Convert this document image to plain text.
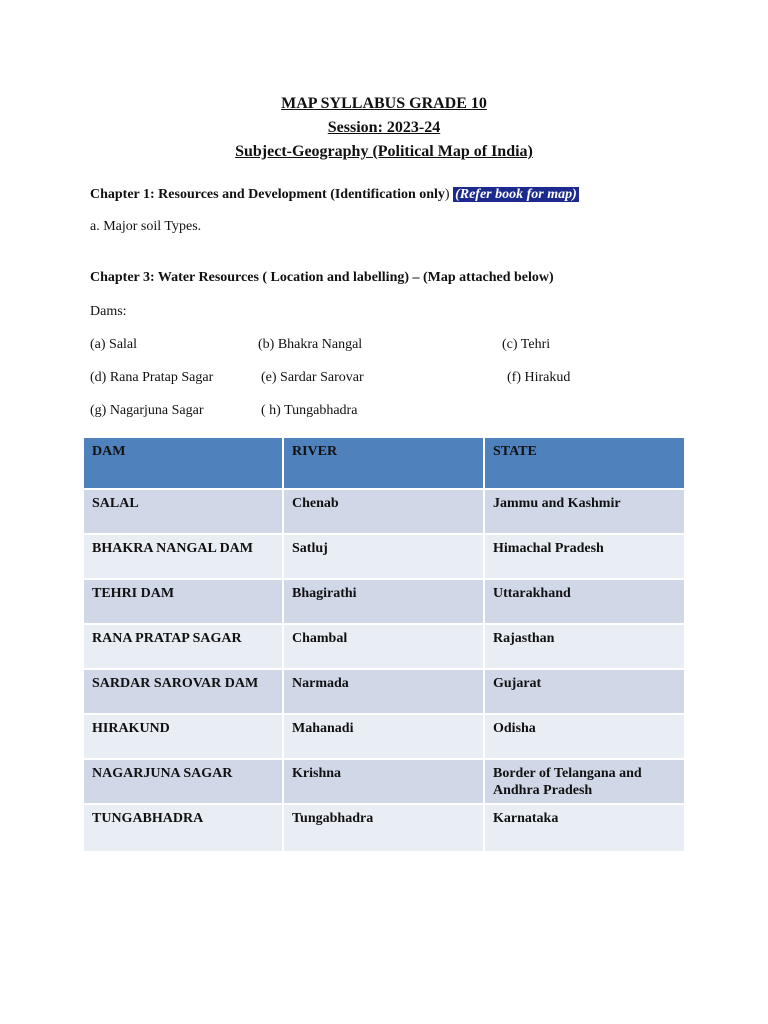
MAP SYLLABUS GRADE 10
Session: 2023-24
Subject-Geography (Political Map of India)
Chapter 1: Resources and Development (Identification only) (Refer book for map)
a. Major soil Types.
Chapter 3: Water Resources ( Location and labelling) – (Map attached below)
Dams:
(a) Salal	(b) Bhakra Nangal	(c) Tehri
(d) Rana Pratap Sagar	(e) Sardar Sarovar	(f) Hirakud
(g) Nagarjuna Sagar	( h) Tungabhadra
DAM	RIVER	STATE
SALAL	Chenab	Jammu and Kashmir
BHAKRA NANGAL DAM	Satluj	Himachal Pradesh
TEHRI DAM	Bhagirathi	Uttarakhand
RANA PRATAP SAGAR	Chambal	Rajasthan
SARDAR SAROVAR DAM	Narmada	Gujarat
HIRAKUND	Mahanadi	Odisha
NAGARJUNA SAGAR	Krishna	Border of Telangana and Andhra Pradesh
TUNGABHADRA	Tungabhadra	Karnataka
